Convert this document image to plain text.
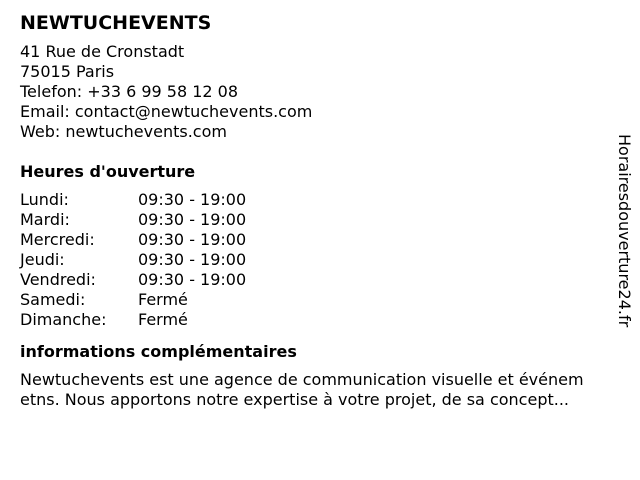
NEWTUCHEVENTS
41 Rue de Cronstadt
75015 Paris
Telefon: +33 6 99 58 12 08
Email: contact@newtuchevents.com
Web: newtuchevents.com
Heures d'ouverture
Lundi:	09:30 - 19:00
Mardi:	09:30 - 19:00
Mercredi:	09:30 - 19:00
Jeudi:	09:30 - 19:00
Vendredi:	09:30 - 19:00
Samedi:	Fermé
Dimanche:	Fermé
informations complémentaires
Newtuchevents est une agence de communication visuelle et événem
etns. Nous apportons notre expertise à votre projet, de sa concept...
Horairesdouverture24.fr
